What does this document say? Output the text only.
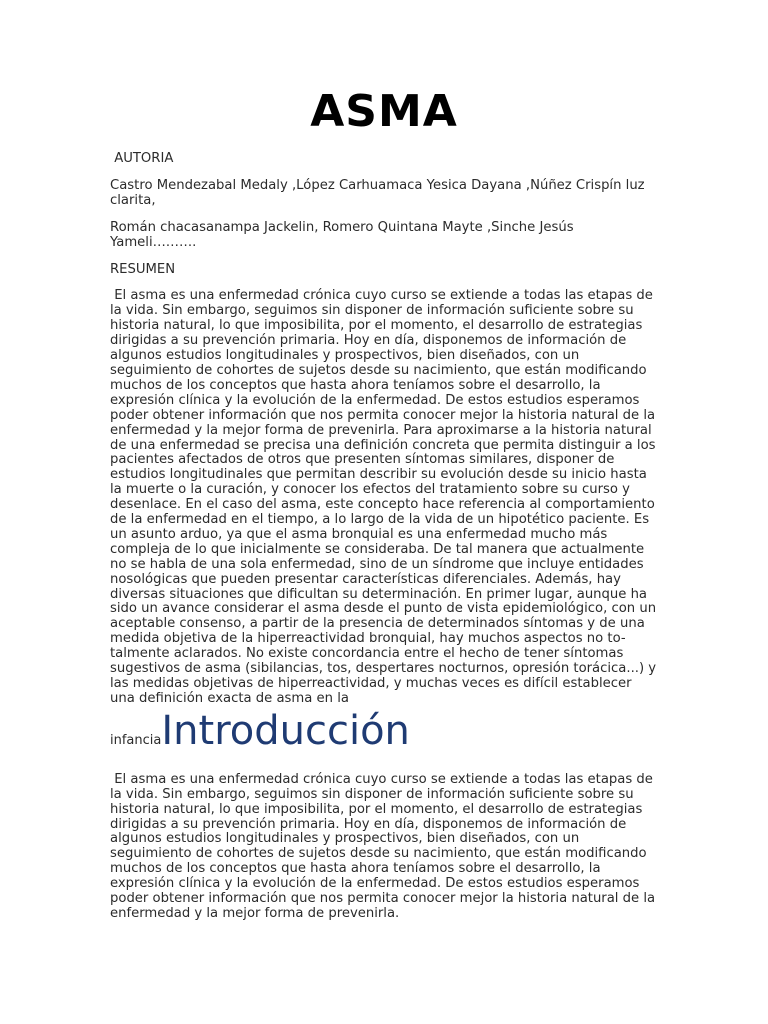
ASMA

AUTORIA

Castro Mendezabal Medaly ,López Carhuamaca Yesica Dayana ,Núñez Crispín luz clarita,

Román chacasanampa Jackelin, Romero Quintana Mayte ,Sinche Jesús Yameli……….

RESUMEN

El asma es una enfermedad crónica cuyo curso se extiende a todas las etapas de la vida. Sin embargo, seguimos sin disponer de información suficiente sobre su historia natural, lo que imposibilita, por el momento, el desarrollo de estrategias dirigidas a su prevención primaria. Hoy en día, disponemos de información de algunos estudios longitudinales y prospectivos, bien diseñados, con un seguimiento de cohortes de sujetos desde su nacimiento, que están modificando muchos de los conceptos que hasta ahora teníamos sobre el desarrollo, la expresión clínica y la evolución de la enfermedad. De estos estudios esperamos poder obtener información que nos permita conocer mejor la historia natural de la enfermedad y la mejor forma de prevenirla. Para aproximarse a la historia natural de una enfermedad se precisa una definición concreta que permita distinguir a los pacientes afectados de otros que presenten síntomas similares, disponer de estudios longitudinales que permitan describir su evolución desde su inicio hasta la muerte o la curación, y conocer los efectos del tratamiento sobre su curso y desenlace. En el caso del asma, este concepto hace referencia al comportamiento de la enfermedad en el tiempo, a lo largo de la vida de un hipotético paciente. Es un asunto arduo, ya que el asma bronquial es una enfermedad mucho más compleja de lo que inicialmente se consideraba. De tal manera que actualmente no se habla de una sola enfermedad, sino de un síndrome que incluye entidades nosológicas que pueden presentar características diferenciales. Además, hay diversas situaciones que dificultan su determinación. En primer lugar, aunque ha sido un avance considerar el asma desde el punto de vista epidemiológico, con un aceptable consenso, a partir de la presencia de determinados síntomas y de una medida objetiva de la hiperreactividad bronquial, hay muchos aspectos no to-talmente aclarados. No existe concordancia entre el hecho de tener síntomas sugestivos de asma (sibilancias, tos, despertares nocturnos, opresión torácica...) y las medidas objetivas de hiperreactividad, y muchas veces es difícil establecer una definición exacta de asma en la

infanciaIntroducción

El asma es una enfermedad crónica cuyo curso se extiende a todas las etapas de la vida. Sin embargo, seguimos sin disponer de información suficiente sobre su historia natural, lo que imposibilita, por el momento, el desarrollo de estrategias dirigidas a su prevención primaria. Hoy en día, disponemos de información de algunos estudios longitudinales y prospectivos, bien diseñados, con un seguimiento de cohortes de sujetos desde su nacimiento, que están modificando muchos de los conceptos que hasta ahora teníamos sobre el desarrollo, la expresión clínica y la evolución de la enfermedad. De estos estudios esperamos poder obtener información que nos permita conocer mejor la historia natural de la enfermedad y la mejor forma de prevenirla.
